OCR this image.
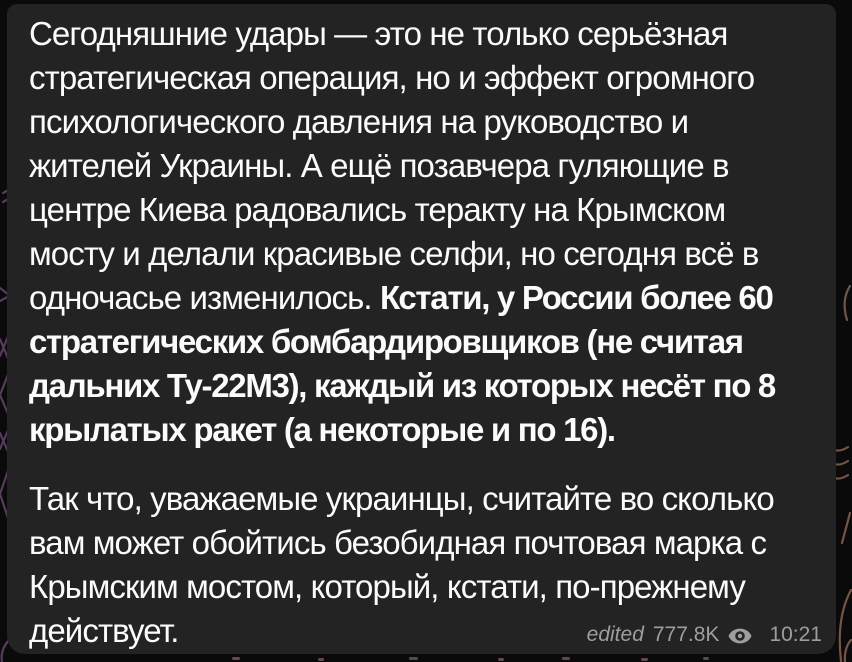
Сегодняшние удары — это не только серьёзная
стратегическая операция, но и эффект огромного
психологического давления на руководство и
жителей Украины. А ещё позавчера гуляющие в
центре Киева радовались теракту на Крымском
мосту и делали красивые селфи, но сегодня всё в
одночасье изменилось. Кстати, у России более 60
стратегических бомбардировщиков (не считая
дальних Ту-22М3), каждый из которых несёт по 8
крылатых ракет (а некоторые и по 16).
Так что, уважаемые украинцы, считайте во сколько
вам может обойтись безобидная почтовая марка с
Крымским мостом, который, кстати, по-прежнему
действует.	edited 777.8K 10:21
